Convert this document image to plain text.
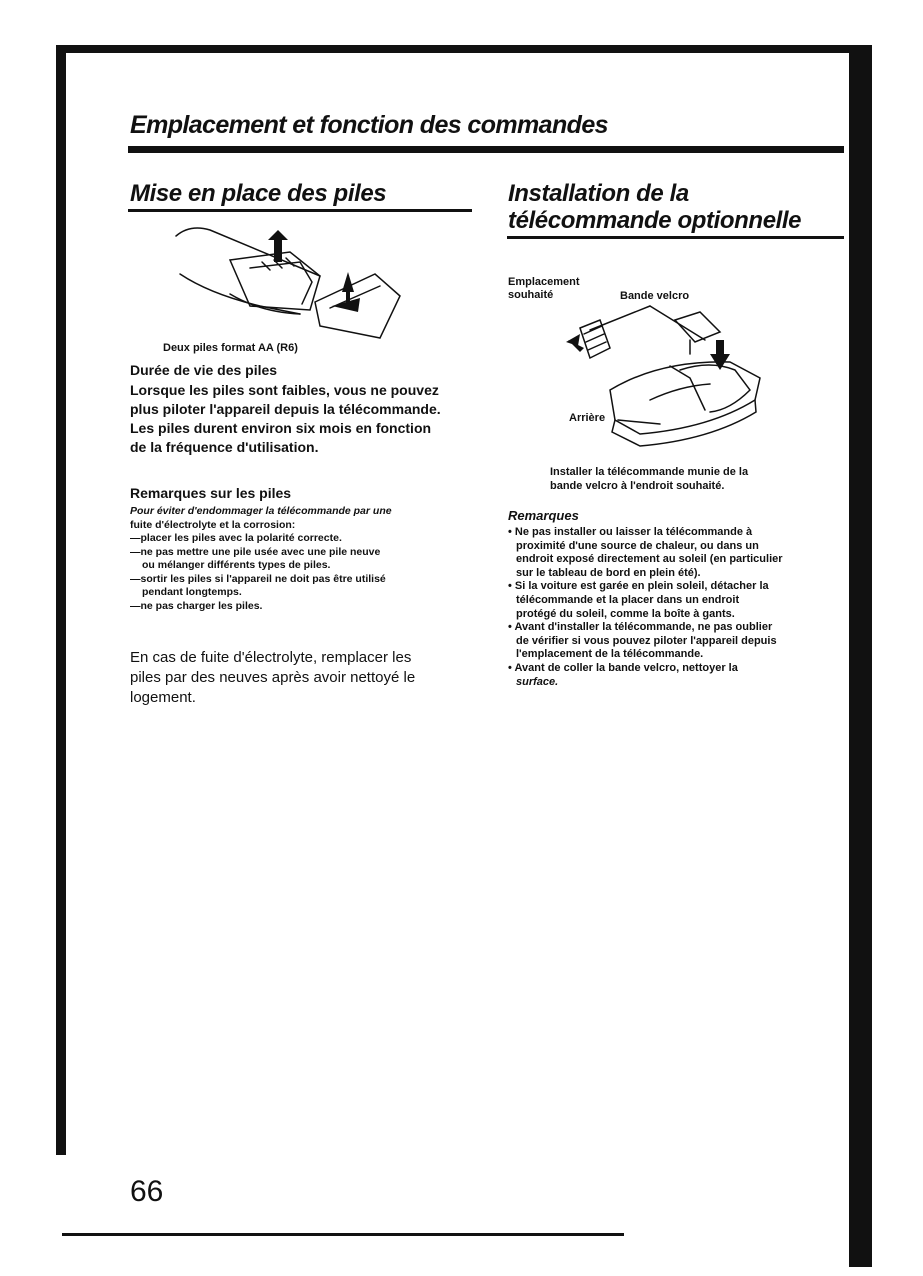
Emplacement et fonction des commandes
Mise en place des piles
Deux piles format AA (R6)
Durée de vie des piles
Lorsque les piles sont faibles, vous ne pouvez
plus piloter l'appareil depuis la télécommande.
Les piles durent environ six mois en fonction
de la fréquence d'utilisation.
Remarques sur les piles
Pour éviter d'endommager la télécommande par une
fuite d'électrolyte et la corrosion:
—placer les piles avec la polarité correcte.
—ne pas mettre une pile usée avec une pile neuve
ou mélanger différents types de piles.
—sortir les piles si l'appareil ne doit pas être utilisé
pendant longtemps.
—ne pas charger les piles.
En cas de fuite d'électrolyte, remplacer les
piles par des neuves après avoir nettoyé le
logement.
Installation de la
télécommande optionnelle
Emplacement
souhaité	Bande velcro
Arrière
Installer la télécommande munie de la
bande velcro à l'endroit souhaité.
Remarques
• Ne pas installer ou laisser la télécommande à
proximité d'une source de chaleur, ou dans un
endroit exposé directement au soleil (en particulier
sur le tableau de bord en plein été).
• Si la voiture est garée en plein soleil, détacher la
télécommande et la placer dans un endroit
protégé du soleil, comme la boîte à gants.
• Avant d'installer la télécommande, ne pas oublier
de vérifier si vous pouvez piloter l'appareil depuis
l'emplacement de la télécommande.
• Avant de coller la bande velcro, nettoyer la
surface.
66
